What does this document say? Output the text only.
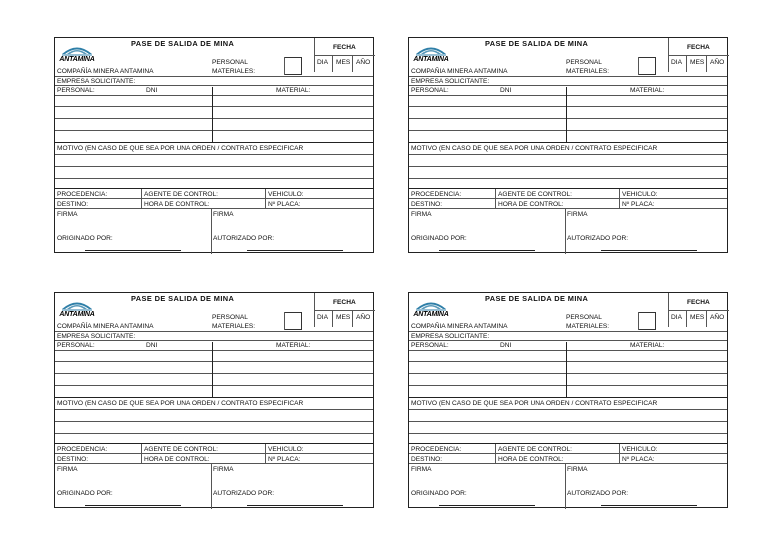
ANTAMINA
PASE DE SALIDA DE MINA	FECHA
DIA MES AÑO
PERSONAL
MATERIALES:
COMPAÑÍA MINERA ANTAMINA
EMPRESA SOLICITANTE:
PERSONAL:	DNI	MATERIAL:
MOTIVO (EN CASO DE QUE SEA POR UNA ORDEN / CONTRATO ESPECIFICAR
PROCEDENCIA:	AGENTE DE CONTROL:	VEHICULO:
DESTINO:	HORA DE CONTROL:	Nº PLACA:
FIRMA	FIRMA
ORIGINADO POR:	AUTORIZADO POR:
ANTAMINA
PASE DE SALIDA DE MINA	FECHA
DIA MES AÑO
PERSONAL
MATERIALES:
COMPAÑIA MINERA ANTAMINA
EMPRESA SOLICITANTE:
PERSONAL:	DNI	MATERIAL:
MOTIVO (EN CASO DE QUE SEA POR UNA ORDEN / CONTRATO ESPECIFICAR
PROCEDENCIA:	AGENTE DE CONTROL:	VEHICULO:
DESTINO:	HORA DE CONTROL:	Nº PLACA:
FIRMA	FIRMA
ORIGINADO POR:	AUTORIZADO POR:
ANTAMINA
PASE DE SALIDA DE MINA	FECHA
DIA MES AÑO
PERSONAL
MATERIALES:
COMPAÑÍA MINERA ANTAMINA
EMPRESA SOLICITANTE:
PERSONAL:	DNI	MATERIAL:
MOTIVO (EN CASO DE QUE SEA POR UNA ORDEN / CONTRATO ESPECIFICAR
PROCEDENCIA:	AGENTE DE CONTROL:	VEHICULO:
DESTINO:	HORA DE CONTROL:	Nº PLACA:
FIRMA	FIRMA
ORIGINADO POR:	AUTORIZADO POR:
ANTAMINA
PASE DE SALIDA DE MINA	FECHA
DIA MES AÑO
PERSONAL
MATERIALES:
COMPAÑIA MINERA ANTAMINA
EMPRESA SOLICITANTE:
PERSONAL:	DNI	MATERIAL:
MOTIVO (EN CASO DE QUE SEA POR UNA ORDEN / CONTRATO ESPECIFICAR
PROCEDENCIA:	AGENTE DE CONTROL:	VEHICULO:
DESTINO:	HORA DE CONTROL:	Nº PLACA:
FIRMA	FIRMA
ORIGINADO POR:	AUTORIZADO POR:
